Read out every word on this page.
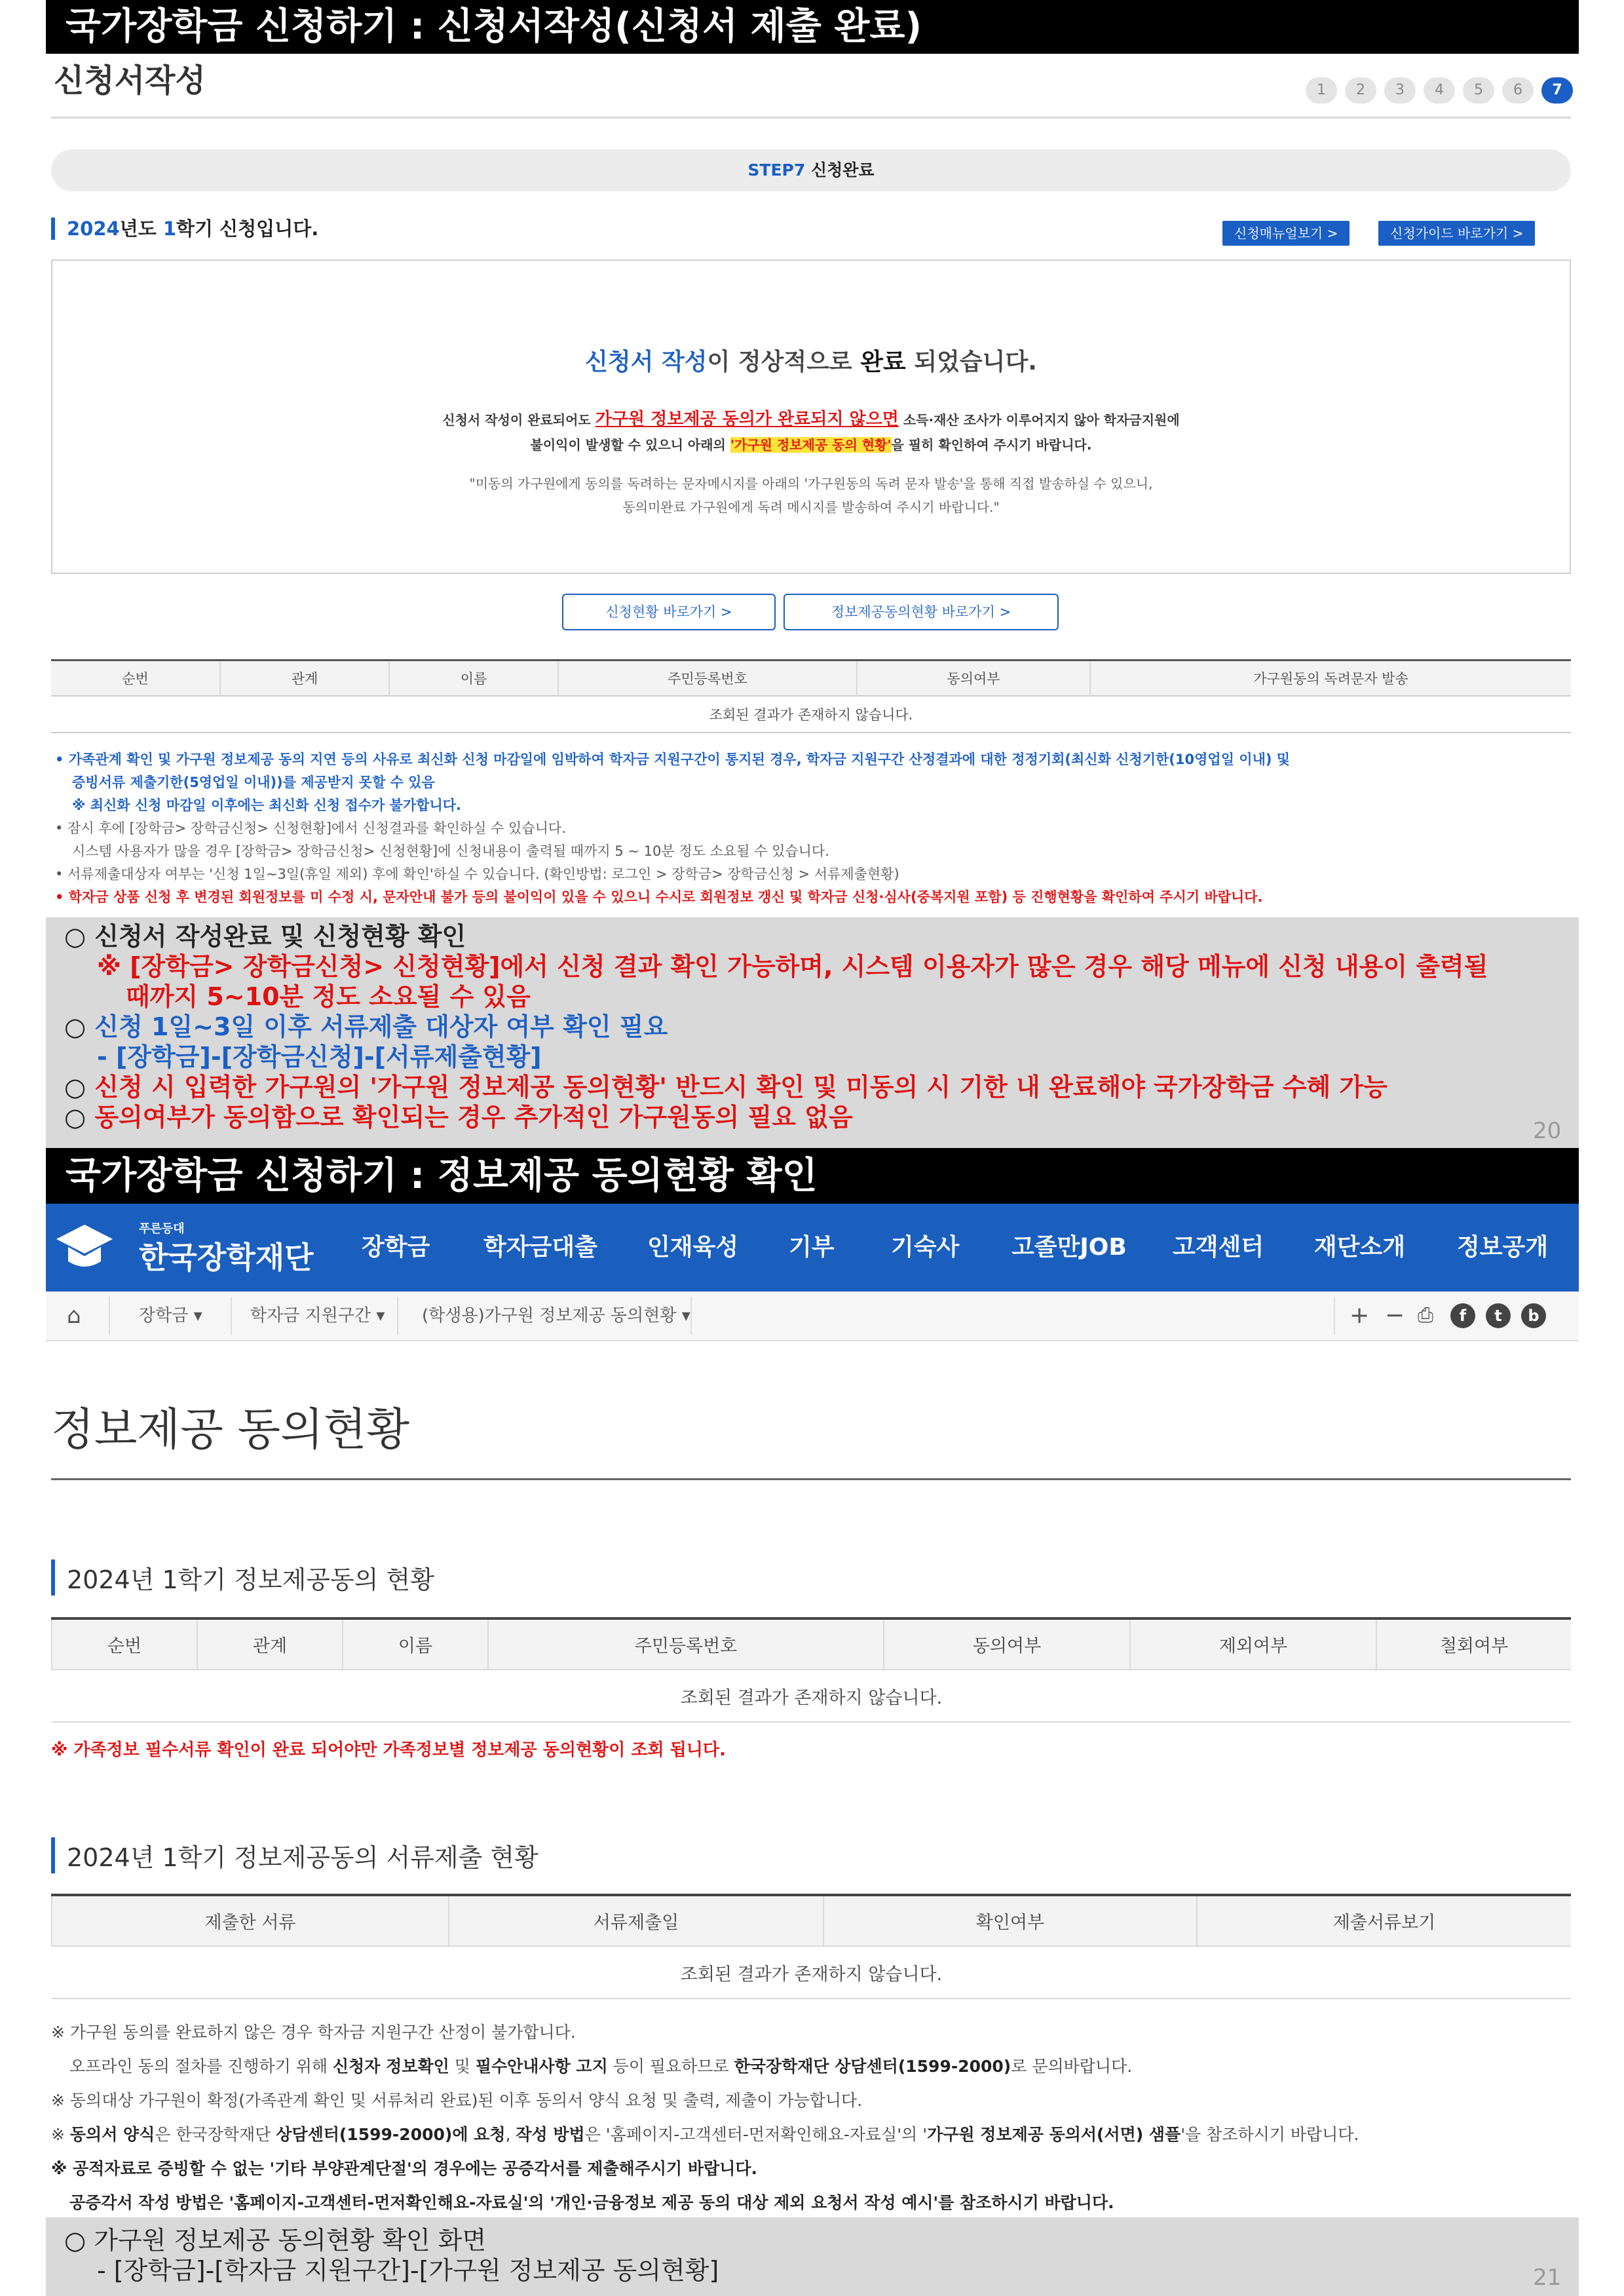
국가장학금 신청하기 : 신청서작성(신청서 제출 완료)
신청서작성	1	2	3	4	5	6	7
STEP7 신청완료
2024년도 1학기 신청입니다.	신청매뉴얼보기 >	신청가이드 바로가기 >
신청서 작성이 정상적으로 완료 되었습니다.
신청서 작성이 완료되어도 가구원 정보제공 동의가 완료되지 않으면 소득·재산 조사가 이루어지지 않아 학자금지원에
불이익이 발생할 수 있으니 아래의 '가구원 정보제공 동의 현황'을 필히 확인하여 주시기 바랍니다.
"미동의 가구원에게 동의를 독려하는 문자메시지를 아래의 '가구원동의 독려 문자 발송'을 통해 직접 발송하실 수 있으니,
동의미완료 가구원에게 독려 메시지를 발송하여 주시기 바랍니다."
신청현황 바로가기 >	정보제공동의현황 바로가기 >
순번	관계	이름	주민등록번호	동의여부	가구원동의 독려문자 발송
조회된 결과가 존재하지 않습니다.
• 가족관계 확인 및 가구원 정보제공 동의 지연 등의 사유로 최신화 신청 마감일에 임박하여 학자금 지원구간이 통지된 경우, 학자금 지원구간 산정결과에 대한 정정기회(최신화 신청기한(10영업일 이내) 및
증빙서류 제출기한(5영업일 이내))를 제공받지 못할 수 있음
※ 최신화 신청 마감일 이후에는 최신화 신청 접수가 불가합니다.
• 잠시 후에 [장학금> 장학금신청> 신청현황]에서 신청결과를 확인하실 수 있습니다.
시스템 사용자가 많을 경우 [장학금> 장학금신청> 신청현황]에 신청내용이 출력될 때까지 5 ~ 10분 정도 소요될 수 있습니다.
• 서류제출대상자 여부는 '신청 1일~3일(휴일 제외) 후에 확인'하실 수 있습니다. (확인방법: 로그인 > 장학금> 장학금신청 > 서류제출현황)
• 학자금 상품 신청 후 변경된 회원정보를 미 수정 시, 문자안내 불가 등의 불이익이 있을 수 있으니 수시로 회원정보 갱신 및 학자금 신청·심사(중복지원 포함) 등 진행현황을 확인하여 주시기 바랍니다.
○ 신청서 작성완료 및 신청현황 확인
※ [장학금> 장학금신청> 신청현황]에서 신청 결과 확인 가능하며, 시스템 이용자가 많은 경우 해당 메뉴에 신청 내용이 출력될
때까지 5~10분 정도 소요될 수 있음
○ 신청 1일~3일 이후 서류제출 대상자 여부 확인 필요
- [장학금]-[장학금신청]-[서류제출현황]
○ 신청 시 입력한 가구원의 '가구원 정보제공 동의현황' 반드시 확인 및 미동의 시 기한 내 완료해야 국가장학금 수혜 가능
○ 동의여부가 동의함으로 확인되는 경우 추가적인 가구원동의 필요 없음	20
국가장학금 신청하기 : 정보제공 동의현황 확인
푸른등대
한국장학재단 장학금 학자금대출 인재육성 기부 기숙사 고졸만JOB 고객센터 재단소개 정보공개
⌂	장학금 ▾	학자금 지원구간 ▾ (학생용)가구원 정보제공 동의현황 ▾	+ − ⎙	f	t	b
정보제공 동의현황
2024년 1학기 정보제공동의 현황
순번	관계	이름	주민등록번호	동의여부	제외여부	철회여부
조회된 결과가 존재하지 않습니다.
※ 가족정보 필수서류 확인이 완료 되어야만 가족정보별 정보제공 동의현황이 조회 됩니다.
2024년 1학기 정보제공동의 서류제출 현황
제출한 서류	서류제출일	확인여부	제출서류보기
조회된 결과가 존재하지 않습니다.
※ 가구원 동의를 완료하지 않은 경우 학자금 지원구간 산정이 불가합니다.
오프라인 동의 절차를 진행하기 위해 신청자 정보확인 및 필수안내사항 고지 등이 필요하므로 한국장학재단 상담센터(1599-2000)로 문의바랍니다.
※ 동의대상 가구원이 확정(가족관계 확인 및 서류처리 완료)된 이후 동의서 양식 요청 및 출력, 제출이 가능합니다.
※ 동의서 양식은 한국장학재단 상담센터(1599-2000)에 요청, 작성 방법은 '홈페이지-고객센터-먼저확인해요-자료실'의 '가구원 정보제공 동의서(서면) 샘플'을 참조하시기 바랍니다.
※ 공적자료로 증빙할 수 없는 '기타 부양관계단절'의 경우에는 공증각서를 제출해주시기 바랍니다.
공증각서 작성 방법은 '홈페이지-고객센터-먼저확인해요-자료실'의 '개인·금융정보 제공 동의 대상 제외 요청서 작성 예시'를 참조하시기 바랍니다.
○ 가구원 정보제공 동의현황 확인 화면
- [장학금]-[학자금 지원구간]-[가구원 정보제공 동의현황]	21
